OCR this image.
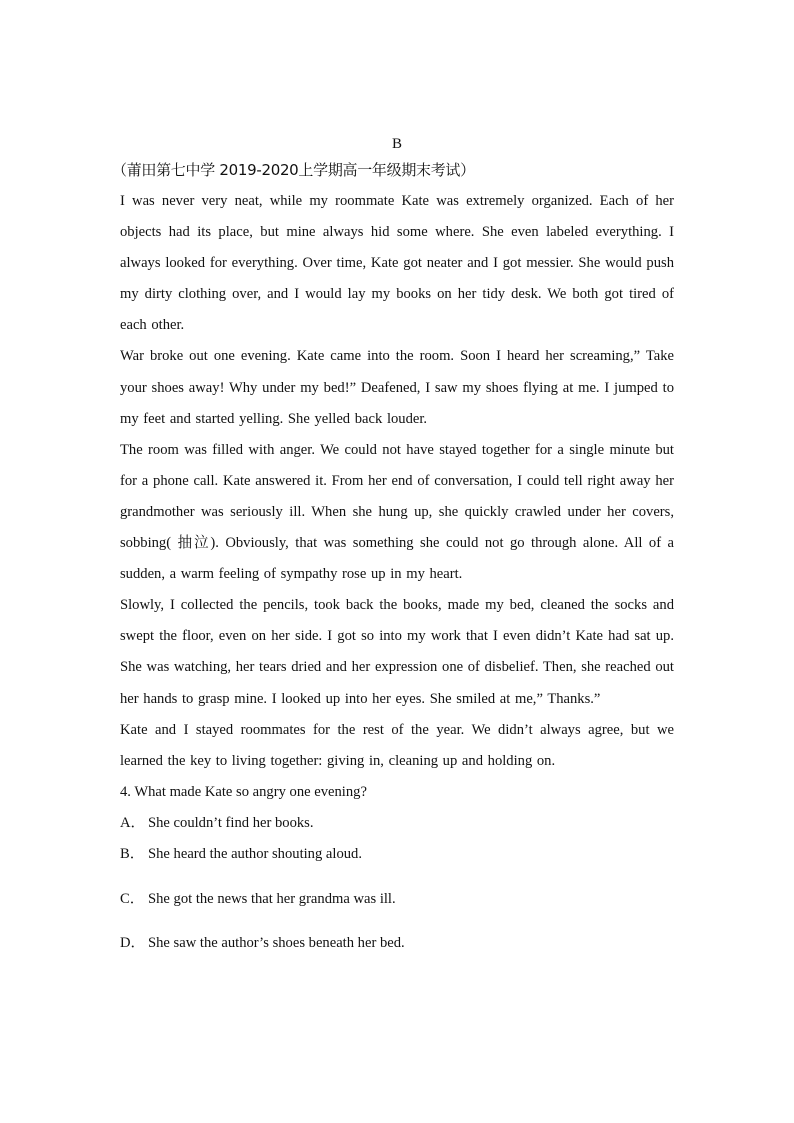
B

（莆田第七中学 2019-2020上学期高一年级期末考试）

I was never very neat, while my roommate Kate was extremely organized. Each of her objects had its place, but mine always hid some where. She even labeled everything. I always looked for everything. Over time, Kate got neater and I got messier. She would push my dirty clothing over, and I would lay my books on her tidy desk. We both got tired of each other.

War broke out one evening. Kate came into the room. Soon I heard her screaming,” Take your shoes away! Why under my bed!” Deafened, I saw my shoes flying at me. I jumped to my feet and started yelling. She yelled back louder.

The room was filled with anger. We could not have stayed together for a single minute but for a phone call. Kate answered it. From her end of conversation, I could tell right away her grandmother was seriously ill. When she hung up, she quickly crawled under her covers, sobbing( 抽泣). Obviously, that was something she could not go through alone. All of a sudden, a warm feeling of sympathy rose up in my heart.

Slowly, I collected the pencils, took back the books, made my bed, cleaned the socks and swept the floor, even on her side. I got so into my work that I even didn’t Kate had sat up. She was watching, her tears dried and her expression one of disbelief. Then, she reached out her hands to grasp mine. I looked up into her eyes. She smiled at me,” Thanks.”

Kate and I stayed roommates for the rest of the year. We didn’t always agree, but we learned the key to living together: giving in, cleaning up and holding on.

4. What made Kate so angry one evening?

A． She couldn’t find her books.
B． She heard the author shouting aloud.
C． She got the news that her grandma was ill.
D． She saw the author’s shoes beneath her bed.
